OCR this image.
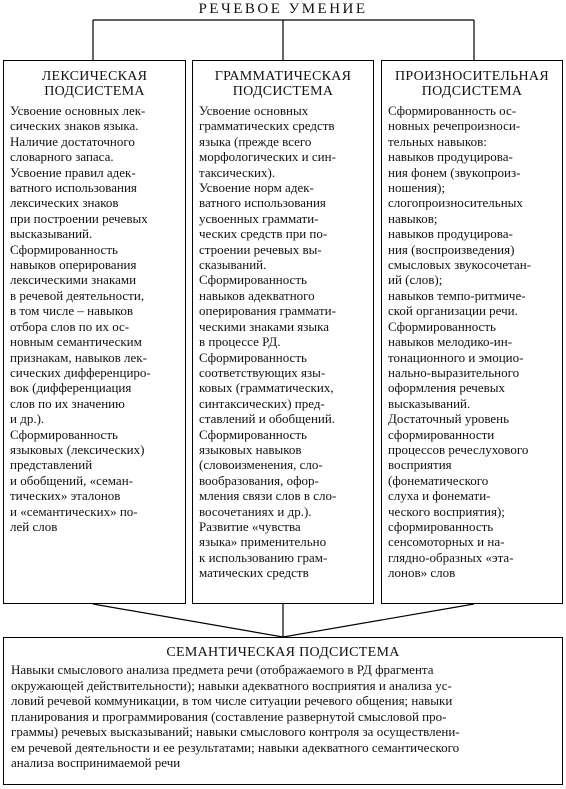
РЕЧЕВОЕ УМЕНИЕ
ЛЕКСИЧЕСКАЯ
ПОДСИСТЕМА
Усвоение основных лек-
сических знаков языка.
Наличие достаточного
словарного запаса.
Усвоение правил адек-
ватного использования
лексических знаков
при построении речевых
высказываний.
Сформированность
навыков оперирования
лексическими знаками
в речевой деятельности,
в том числе – навыков
отбора слов по их ос-
новным семантическим
признакам, навыков лек-
сических дифференциро-
вок (дифференциация
слов по их значению
и др.).
Сформированность
языковых (лексических)
представлений
и обобщений, «семан-
тических» эталонов
и «семантических» по-
лей слов
ГРАММАТИЧЕСКАЯ
ПОДСИСТЕМА
Усвоение основных
грамматических средств
языка (прежде всего
морфологических и син-
таксических).
Усвоение норм адек-
ватного использования
усвоенных граммати-
ческих средств при по-
строении речевых вы-
сказываний.
Сформированность
навыков адекватного
оперирования граммати-
ческими знаками языка
в процессе РД.
Сформированность
соответствующих язы-
ковых (грамматических,
синтаксических) пред-
ставлений и обобщений.
Сформированность
языковых навыков
(словоизменения, сло-
вообразования, офор-
мления связи слов в сло-
восочетаниях и др.).
Развитие «чувства
языка» применительно
к использованию грам-
матических средств
ПРОИЗНОСИТЕЛЬНАЯ
ПОДСИСТЕМА
Сформированность ос-
новных речепроизноси-
тельных навыков:
навыков продуцирова-
ния фонем (звукопроиз-
ношения);
слогопроизносительных
навыков;
навыков продуцирова-
ния (воспроизведения)
смысловых звукосочетан-
ий (слов);
навыков темпо-ритмиче-
ской организации речи.
Сформированность
навыков мелодико-ин-
тонационного и эмоцио-
нально-выразительного
оформления речевых
высказываний.
Достаточный уровень
сформированности
процессов речеслухового
восприятия
(фонематического
слуха и фонемати-
ческого восприятия);
сформированность
сенсомоторных и на-
глядно-образных «эта-
лонов» слов
СЕМАНТИЧЕСКАЯ ПОДСИСТЕМА
Навыки смыслового анализа предмета речи (отображаемого в РД фрагмента
окружающей действительности); навыки адекватного восприятия и анализа ус-
ловий речевой коммуникации, в том числе ситуации речевого общения; навыки
планирования и программирования (составление развернутой смысловой про-
граммы) речевых высказываний; навыки смыслового контроля за осуществлени-
ем речевой деятельности и ее результатами; навыки адекватного семантического
анализа воспринимаемой речи
